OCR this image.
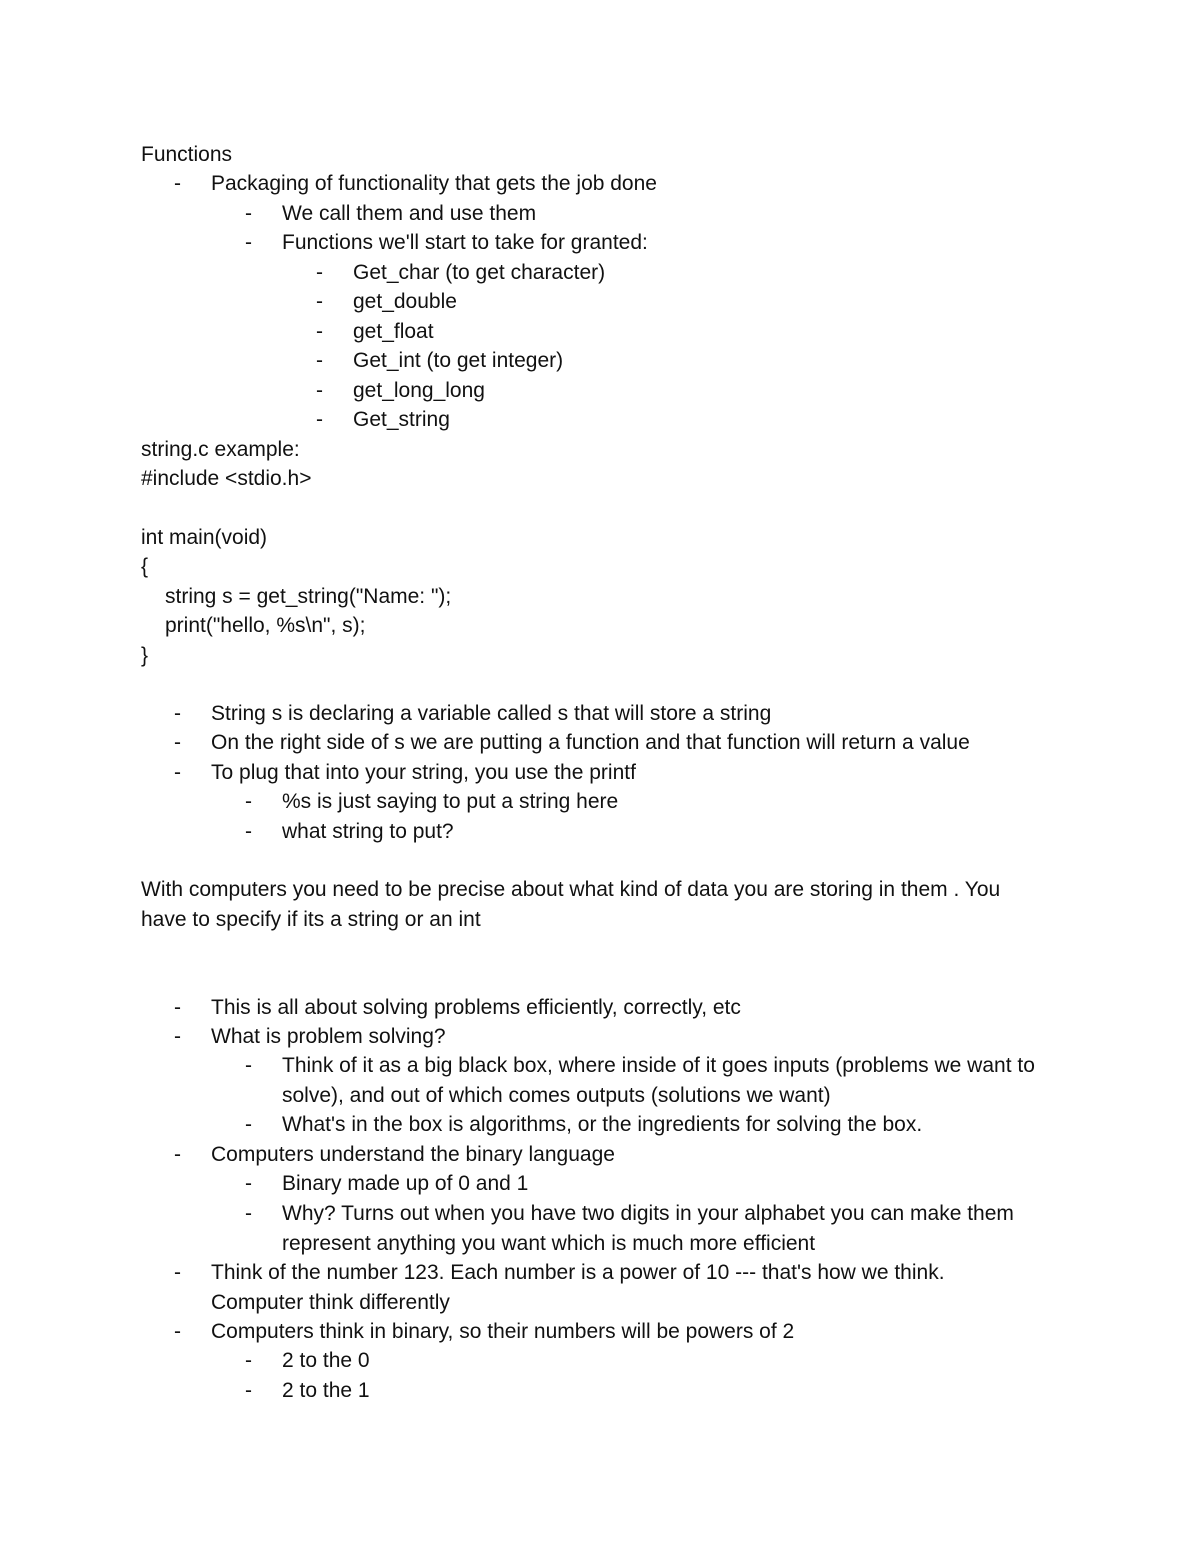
Functions
- Packaging of functionality that gets the job done
- We call them and use them
- Functions we'll start to take for granted:
- Get_char (to get character)
- get_double
- get_float
- Get_int (to get integer)
- get_long_long
- Get_string
string.c example:
#include <stdio.h>
int main(void)
{
string s = get_string("Name: ");
print("hello, %s\n", s);
}
- String s is declaring a variable called s that will store a string
- On the right side of s we are putting a function and that function will return a value
- To plug that into your string, you use the printf
- %s is just saying to put a string here
- what string to put?
With computers you need to be precise about what kind of data you are storing in them . You have to specify if its a string or an int
- This is all about solving problems efficiently, correctly, etc
- What is problem solving?
- Think of it as a big black box, where inside of it goes inputs (problems we want to solve), and out of which comes outputs (solutions we want)
- What's in the box is algorithms, or the ingredients for solving the box.
- Computers understand the binary language
- Binary made up of 0 and 1
- Why? Turns out when you have two digits in your alphabet you can make them represent anything you want which is much more efficient
- Think of the number 123. Each number is a power of 10 --- that's how we think. Computer think differently
- Computers think in binary, so their numbers will be powers of 2
- 2 to the 0
- 2 to the 1
